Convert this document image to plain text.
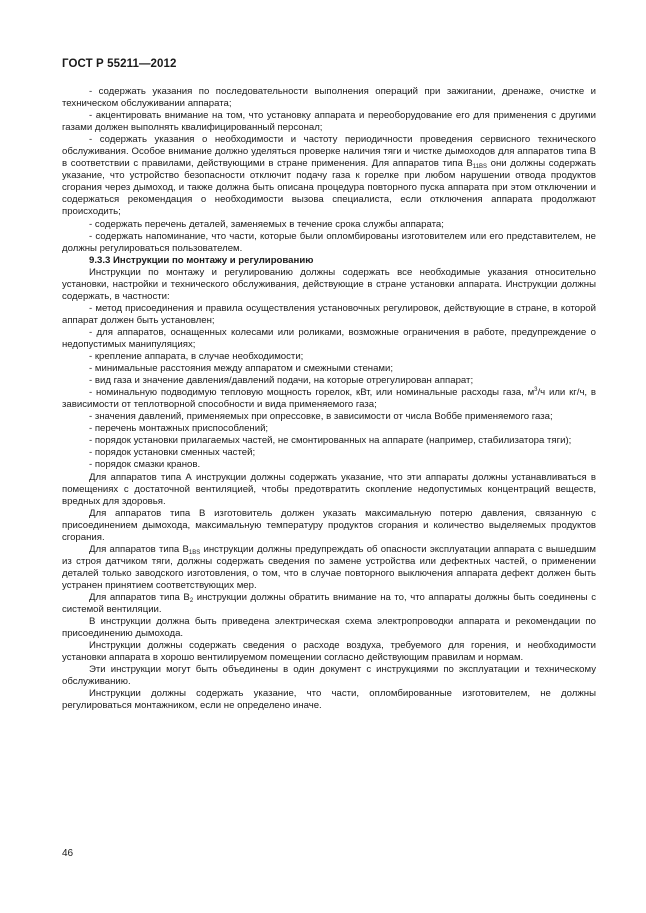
ГОСТ Р 55211—2012

- содержать указания по последовательности выполнения операций при зажигании, дренаже, очистке и техническом обслуживании аппарата;

- акцентировать внимание на том, что установку аппарата и переоборудование его для применения с другими газами должен выполнять квалифицированный персонал;

- содержать указания о необходимости и частоту периодичности проведения сервисного технического обслуживания. Особое внимание должно уделяться проверке наличия тяги и чистке дымоходов для аппаратов типа В в соответствии с правилами, действующими в стране применения. Для аппаратов типа $В_{11BS}$ они должны содержать указание, что устройство безопасности отключит подачу газа к горелке при любом нарушении отвода продуктов сгорания через дымоход, и также должна быть описана процедура повторного пуска аппарата при этом отключении и содержаться рекомендация о необходимости вызова специалиста, если отключения аппарата продолжают происходить;

- содержать перечень деталей, заменяемых в течение срока службы аппарата;

- содержать напоминание, что части, которые были опломбированы изготовителем или его представителем, не должны регулироваться пользователем.

9.3.3 Инструкции по монтажу и регулированию

Инструкции по монтажу и регулированию должны содержать все необходимые указания относительно установки, настройки и технического обслуживания, действующие в стране установки аппарата. Инструкции должны содержать, в частности:

- метод присоединения и правила осуществления установочных регулировок, действующие в стране, в которой аппарат должен быть установлен;

- для аппаратов, оснащенных колесами или роликами, возможные ограничения в работе, предупреждение о недопустимых манипуляциях;

- крепление аппарата, в случае необходимости;

- минимальные расстояния между аппаратом и смежными стенами;

- вид газа и значение давления/давлений подачи, на которые отрегулирован аппарат;

- номинальную подводимую тепловую мощность горелок, кВт, или номинальные расходы газа, $м^3/ч$ или кг/ч, в зависимости от теплотворной способности и вида применяемого газа;

- значения давлений, применяемых при опрессовке, в зависимости от числа Воббе применяемого газа;

- перечень монтажных приспособлений;

- порядок установки прилагаемых частей, не смонтированных на аппарате (например, стабилизатора тяги);

- порядок установки сменных частей;

- порядок смазки кранов.

Для аппаратов типа А инструкции должны содержать указание, что эти аппараты должны устанавливаться в помещениях с достаточной вентиляцией, чтобы предотвратить скопление недопустимых концентраций веществ, вредных для здоровья.

Для аппаратов типа В изготовитель должен указать максимальную потерю давления, связанную с присоединением дымохода, максимальную температуру продуктов сгорания и количество выделяемых продуктов сгорания.

Для аппаратов типа $В_{1BS}$ инструкции должны предупреждать об опасности эксплуатации аппарата с вышедшим из строя датчиком тяги, должны содержать сведения по замене устройства или дефектных частей, о применении деталей только заводского изготовления, о том, что в случае повторного выключения аппарата дефект должен быть устранен принятием соответствующих мер.

Для аппаратов типа $В_2$ инструкции должны обратить внимание на то, что аппараты должны быть соединены с системой вентиляции.

В инструкции должна быть приведена электрическая схема электропроводки аппарата и рекомендации по присоединению дымохода.

Инструкции должны содержать сведения о расходе воздуха, требуемого для горения, и необходимости установки аппарата в хорошо вентилируемом помещении согласно действующим правилам и нормам.

Эти инструкции могут быть объединены в один документ с инструкциями по эксплуатации и техническому обслуживанию.

Инструкции должны содержать указание, что части, опломбированные изготовителем, не должны регулироваться монтажником, если не определено иначе.

46
